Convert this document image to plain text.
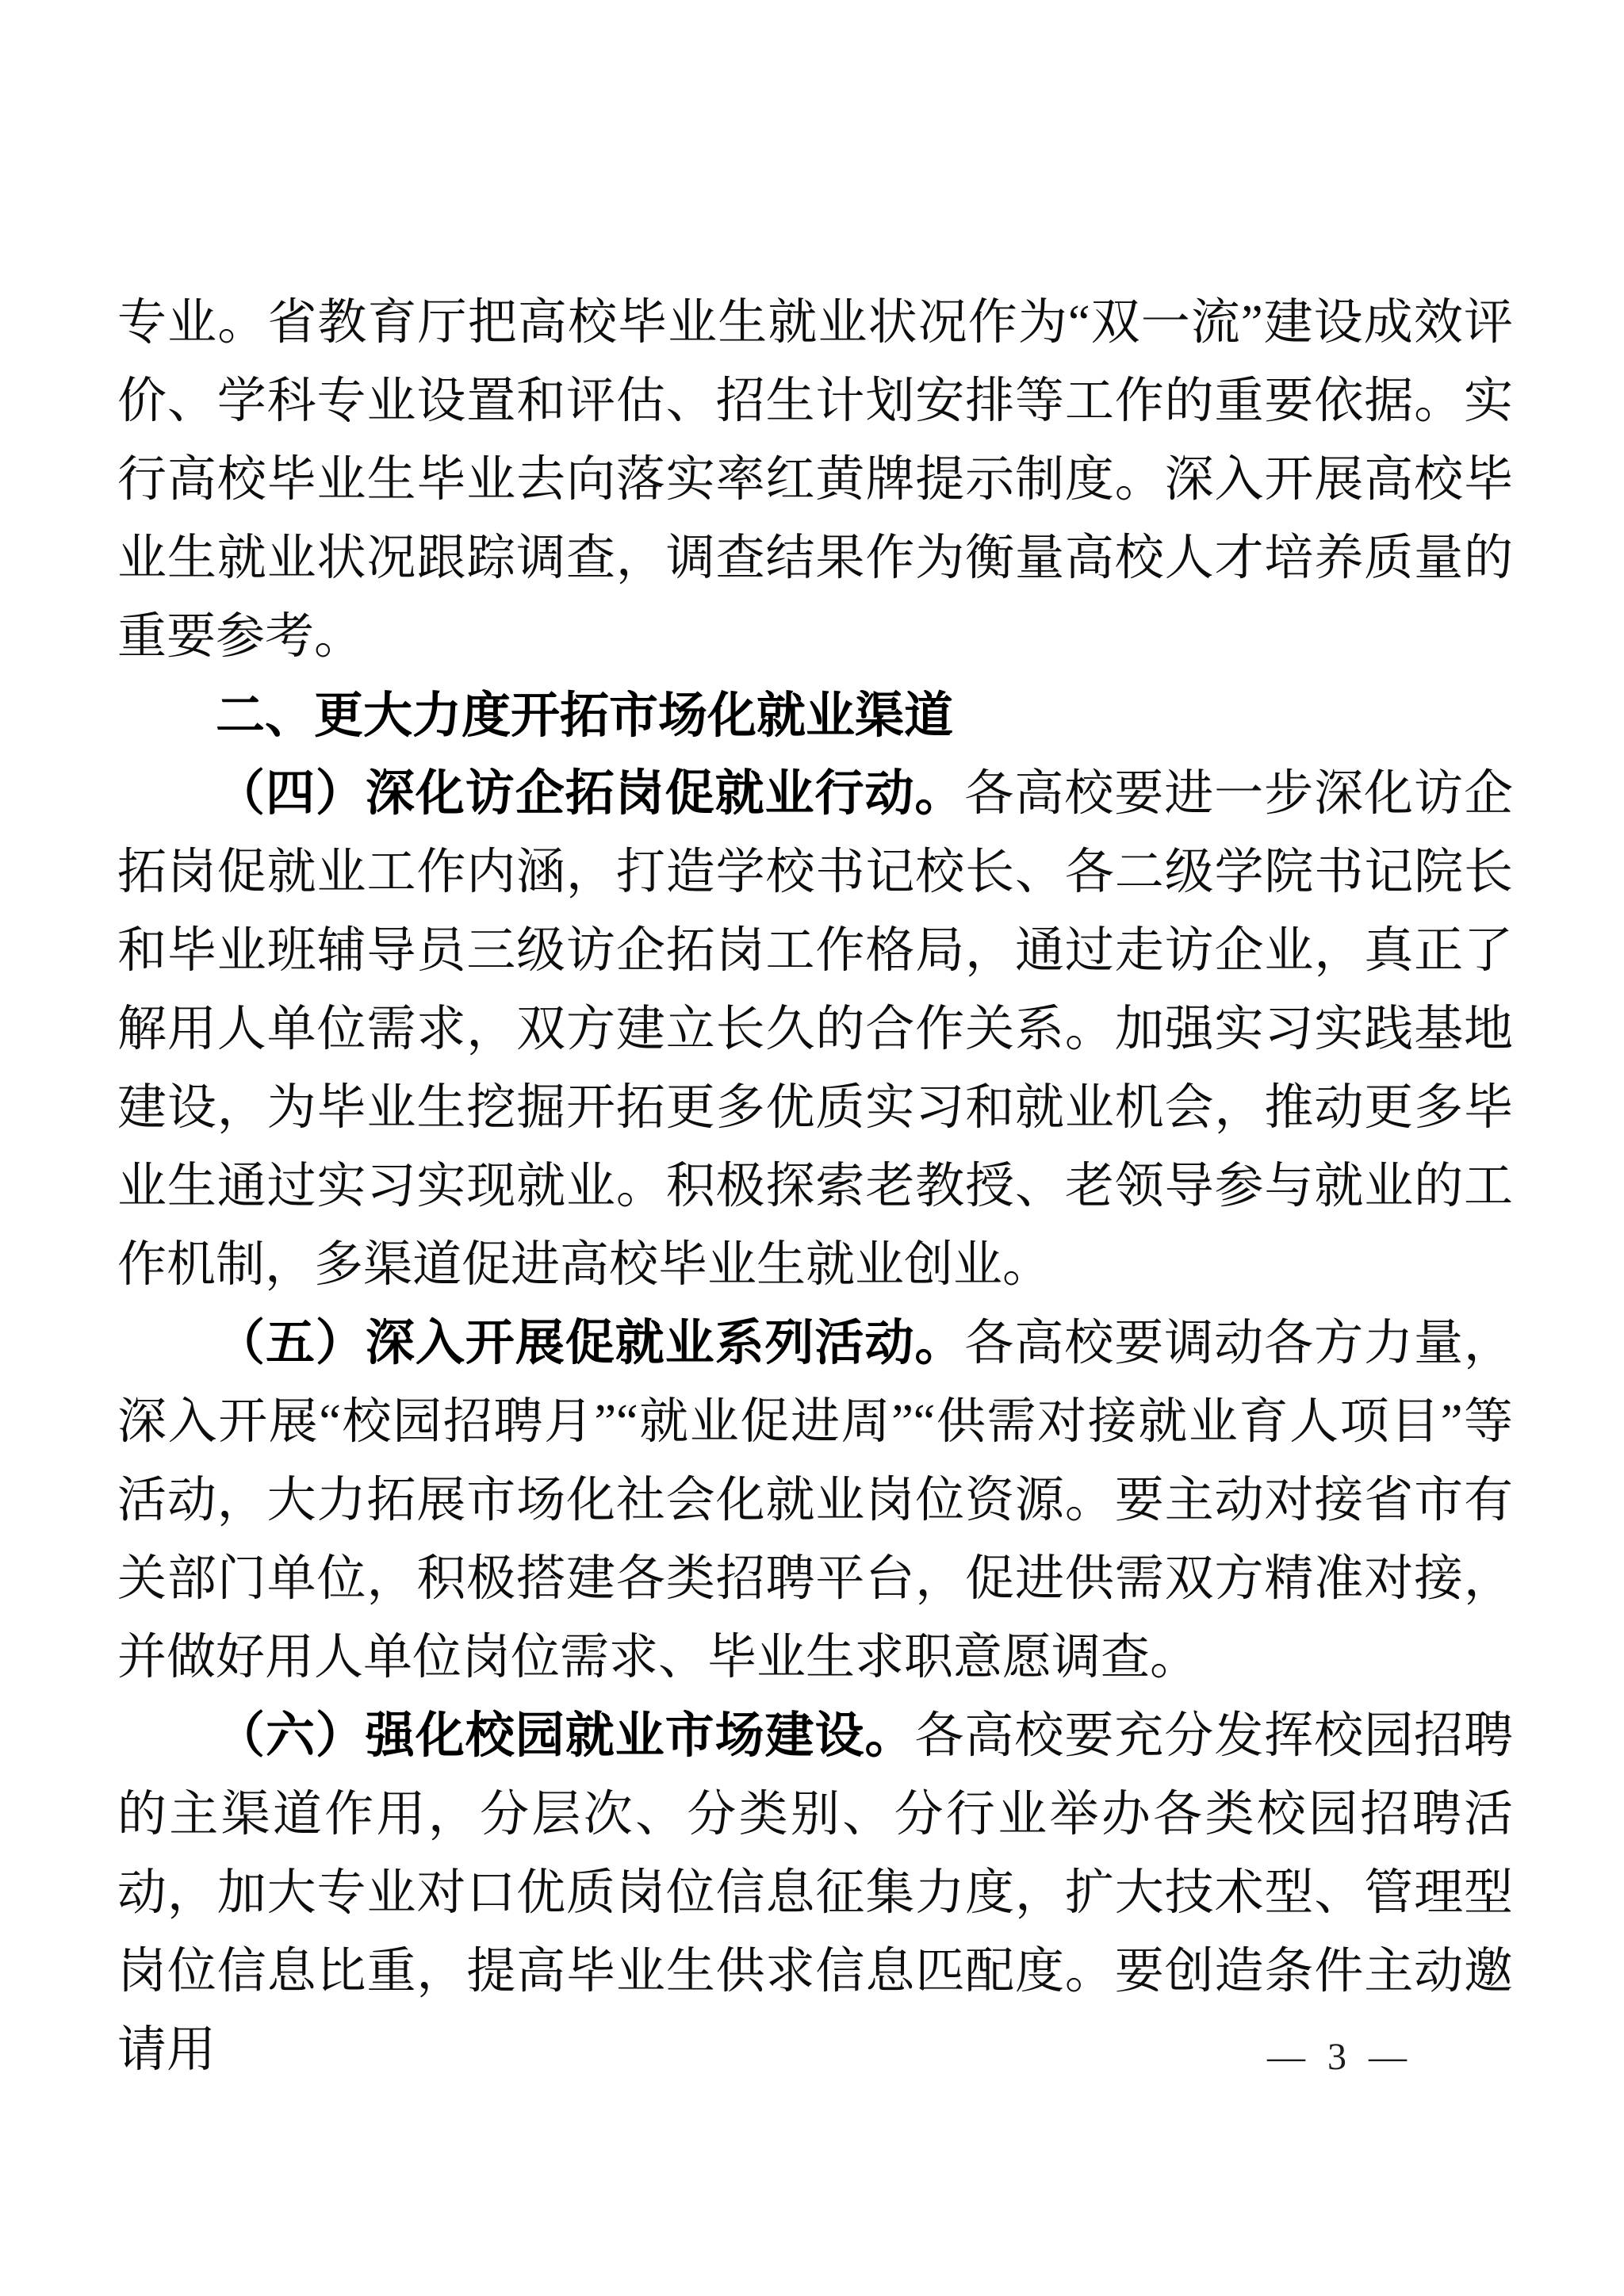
专业。省教育厅把高校毕业生就业状况作为“双一流”建设成效评价、学科专业设置和评估、招生计划安排等工作的重要依据。实行高校毕业生毕业去向落实率红黄牌提示制度。深入开展高校毕业生就业状况跟踪调查，调查结果作为衡量高校人才培养质量的重要参考。

二、更大力度开拓市场化就业渠道

（四）深化访企拓岗促就业行动。各高校要进一步深化访企拓岗促就业工作内涵，打造学校书记校长、各二级学院书记院长和毕业班辅导员三级访企拓岗工作格局，通过走访企业，真正了解用人单位需求，双方建立长久的合作关系。加强实习实践基地建设，为毕业生挖掘开拓更多优质实习和就业机会，推动更多毕业生通过实习实现就业。积极探索老教授、老领导参与就业的工作机制，多渠道促进高校毕业生就业创业。

（五）深入开展促就业系列活动。各高校要调动各方力量，深入开展“校园招聘月”“就业促进周”“供需对接就业育人项目”等活动，大力拓展市场化社会化就业岗位资源。要主动对接省市有关部门单位，积极搭建各类招聘平台，促进供需双方精准对接，并做好用人单位岗位需求、毕业生求职意愿调查。

（六）强化校园就业市场建设。各高校要充分发挥校园招聘的主渠道作用，分层次、分类别、分行业举办各类校园招聘活动，加大专业对口优质岗位信息征集力度，扩大技术型、管理型岗位信息比重，提高毕业生供求信息匹配度。要创造条件主动邀请用	— 3 —
